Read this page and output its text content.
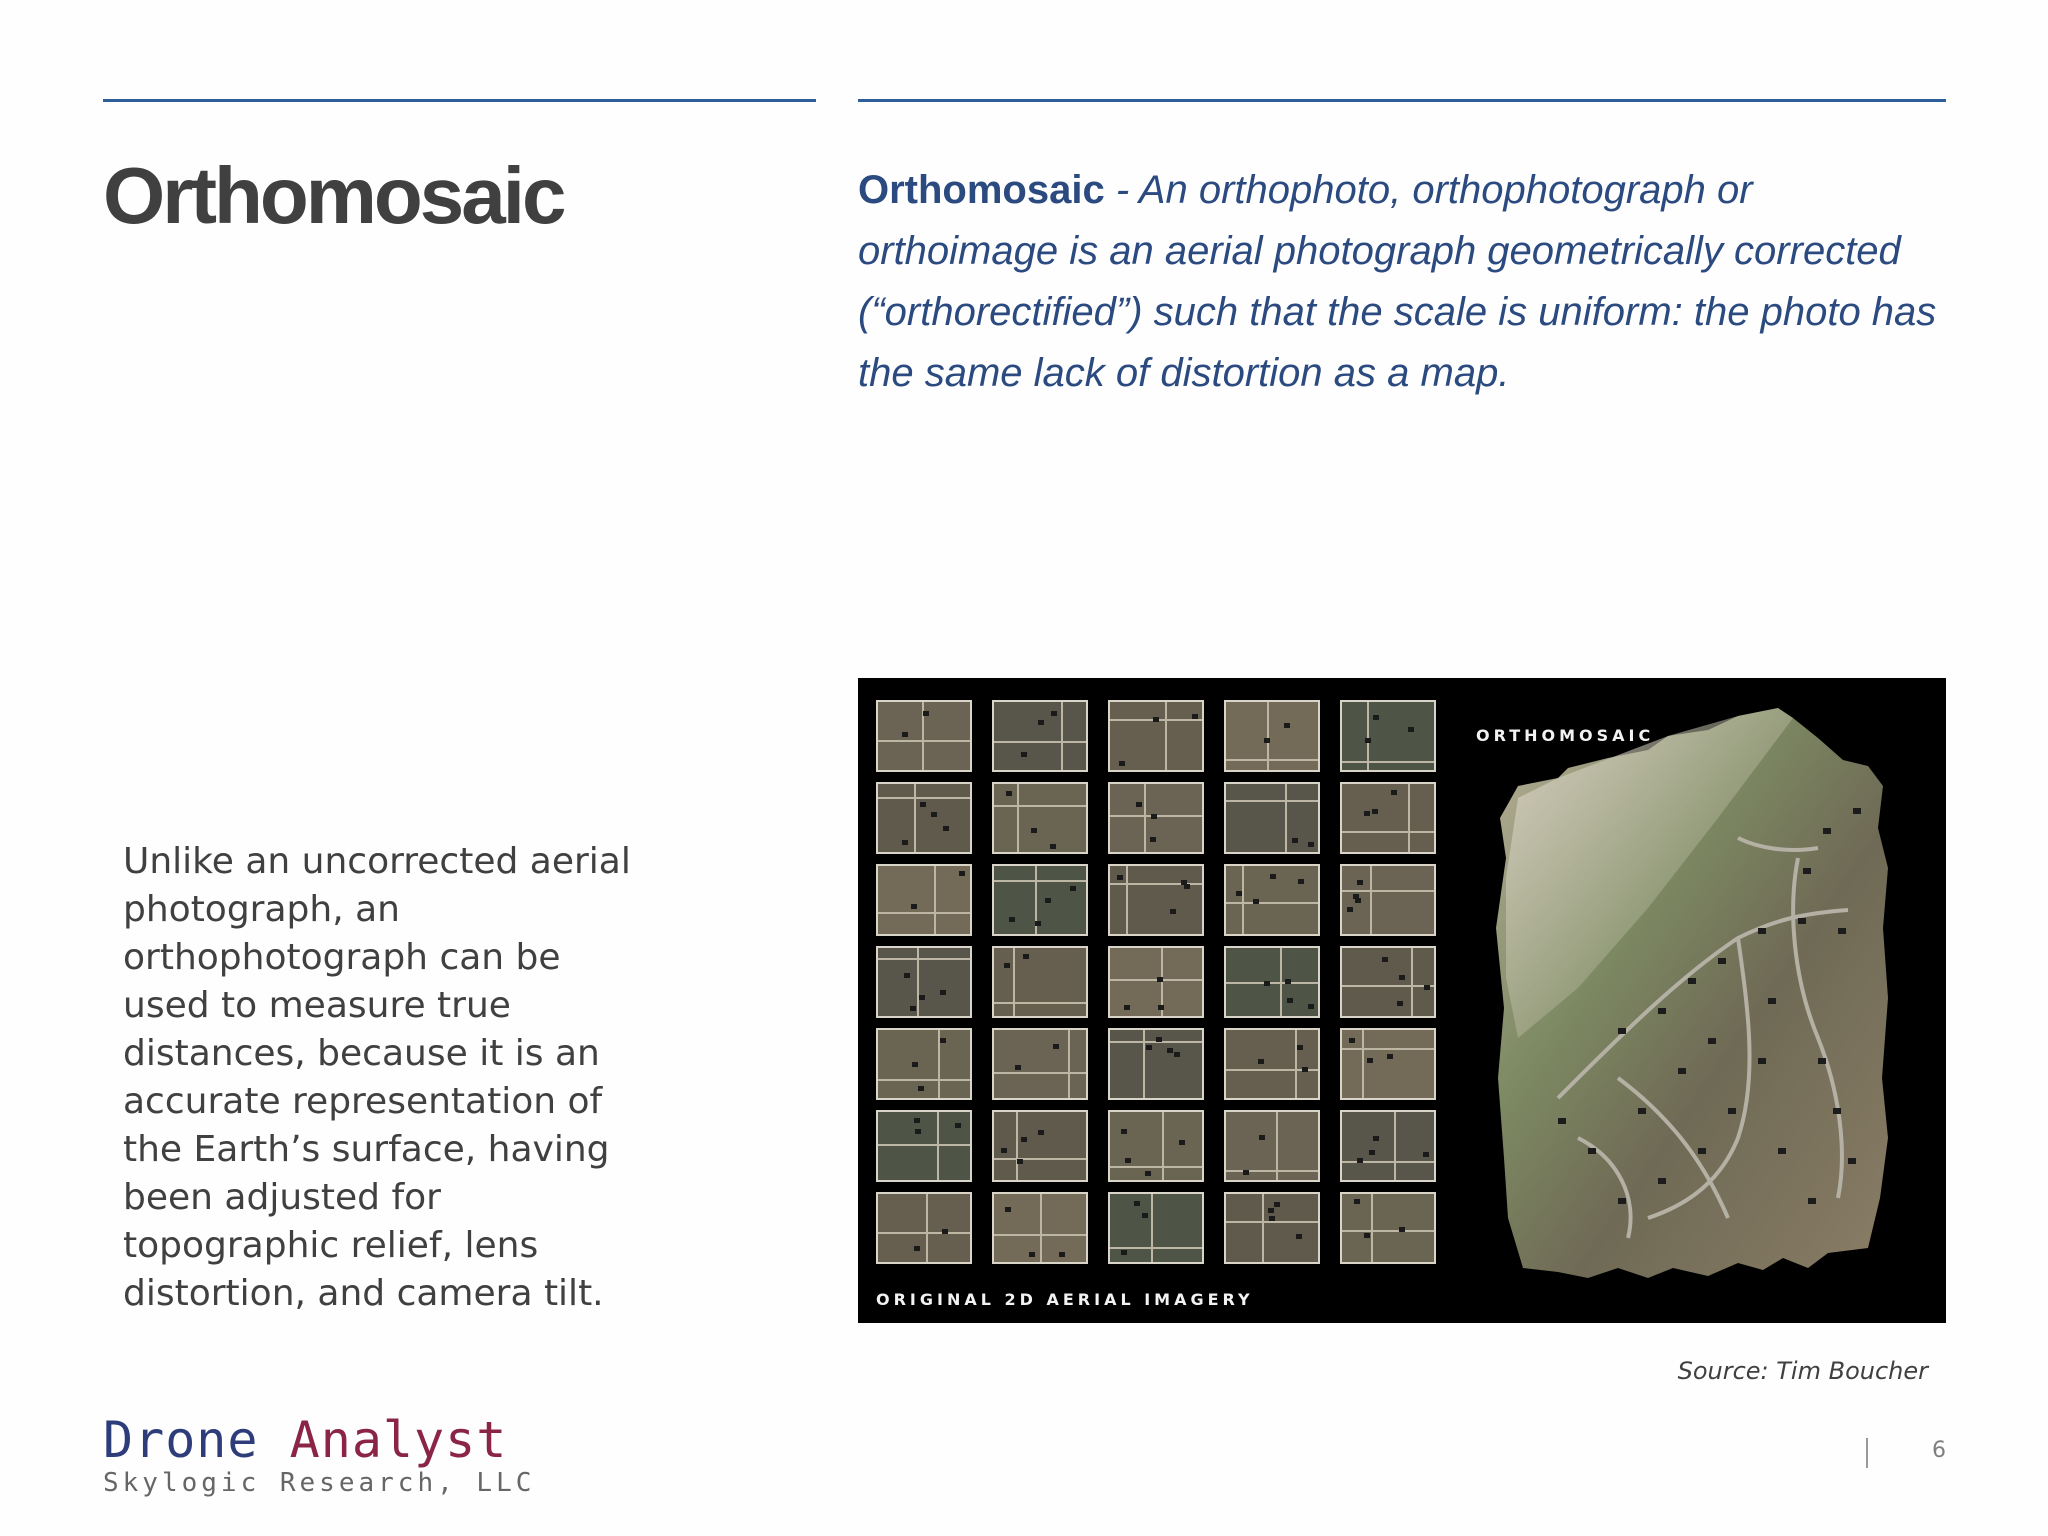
Orthomosaic	Orthomosaic - An orthophoto, orthophotograph or orthoimage is an aerial photograph geometrically corrected (“orthorectified”) such that the scale is uniform: the photo has the same lack of distortion as a map.

Unlike an uncorrected aerial photograph, an orthophotograph can be used to measure true distances, because it is an accurate representation of the Earth’s surface, having been adjusted for topographic relief, lens distortion, and camera tilt.

ORTHOMOSAIC
ORIGINAL 2D AERIAL IMAGERY
Source: Tim Boucher
Drone Analyst
Skylogic Research, LLC
6
